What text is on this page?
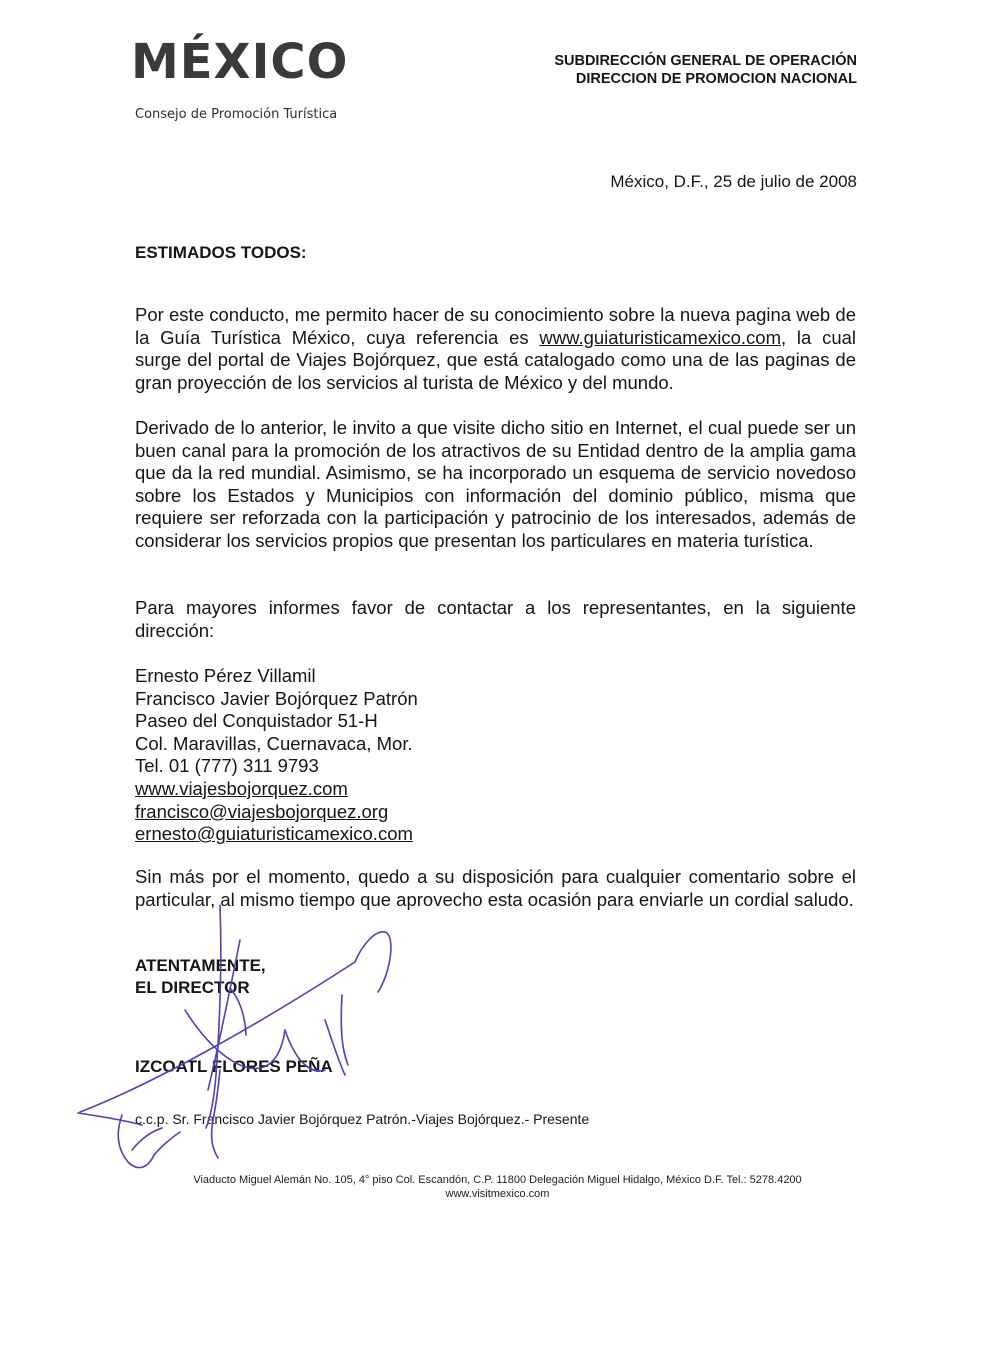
MÉXICO
Consejo de Promoción Turística
SUBDIRECCIÓN GENERAL DE OPERACIÓN
DIRECCION DE PROMOCION NACIONAL
México, D.F., 25 de julio de 2008
ESTIMADOS TODOS:

Por este conducto, me permito hacer de su conocimiento sobre la nueva pagina web de la Guía Turística México, cuya referencia es www.guiaturisticamexico.com, la cual surge del portal de Viajes Bojórquez, que está catalogado como una de las paginas de gran proyección de los servicios al turista de México y del mundo.

Derivado de lo anterior, le invito a que visite dicho sitio en Internet, el cual puede ser un buen canal para la promoción de los atractivos de su Entidad dentro de la amplia gama que da la red mundial. Asimismo, se ha incorporado un esquema de servicio novedoso sobre los Estados y Municipios con información del dominio público, misma que requiere ser reforzada con la participación y patrocinio de los interesados, además de considerar los servicios propios que presentan los particulares en materia turística.

Para mayores informes favor de contactar a los representantes, en la siguiente dirección:

Ernesto Pérez Villamil
Francisco Javier Bojórquez Patrón
Paseo del Conquistador 51-H
Col. Maravillas, Cuernavaca, Mor.
Tel. 01 (777) 311 9793
www.viajesbojorquez.com
francisco@viajesbojorquez.org
ernesto@guiaturisticamexico.com

Sin más por el momento, quedo a su disposición para cualquier comentario sobre el particular, al mismo tiempo que aprovecho esta ocasión para enviarle un cordial saludo.

ATENTAMENTE,
EL DIRECTOR
IZCOATL FLORES PEÑA
c.c.p. Sr. Francisco Javier Bojórquez Patrón.-Viajes Bojórquez.- Presente
Viaducto Miguel Alemán No. 105, 4° piso Col. Escandón, C.P. 11800 Delegación Miguel Hidalgo, México D.F. Tel.: 5278.4200
www.visitmexico.com
